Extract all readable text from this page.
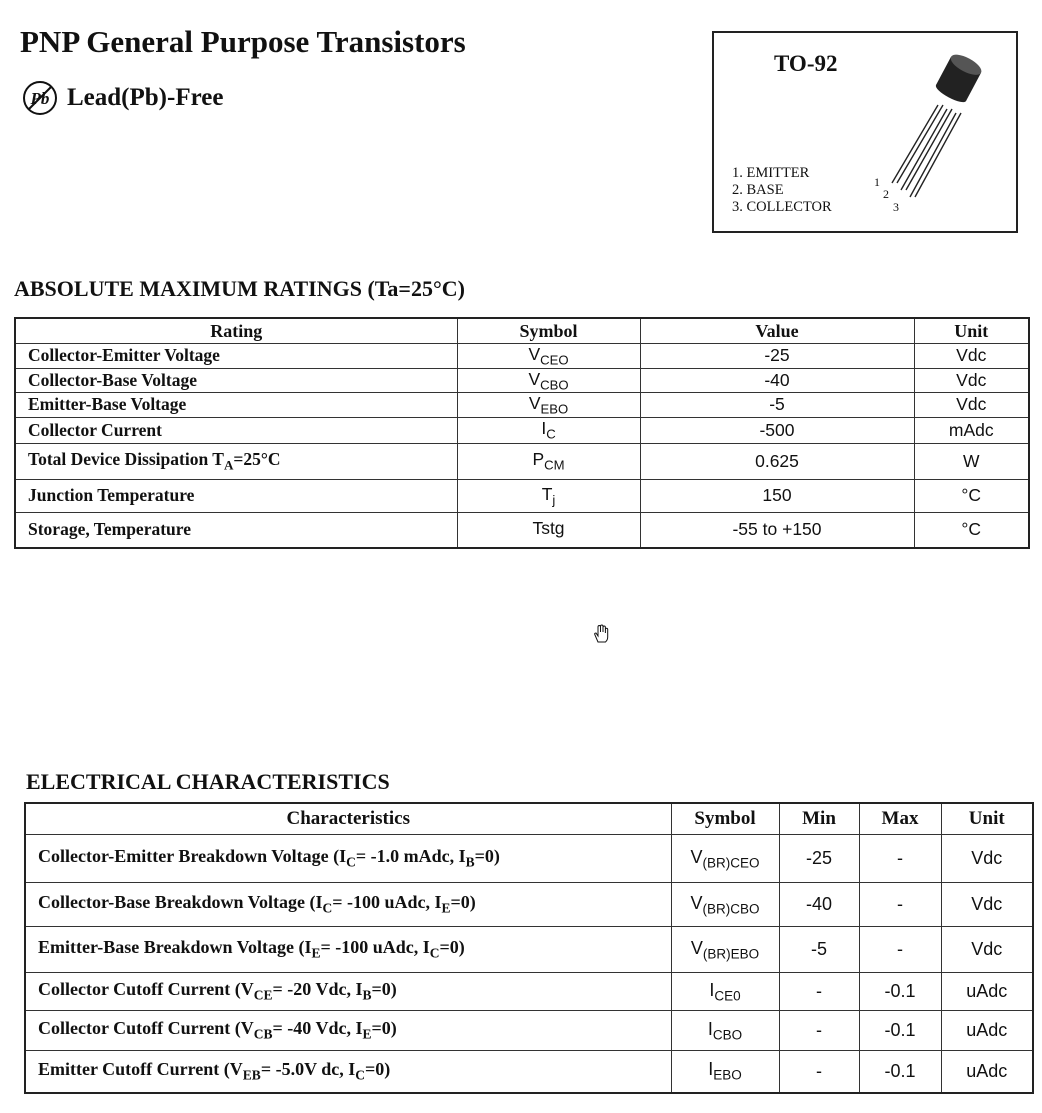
PNP General Purpose Transistors
Pb Lead(Pb)-Free
TO-92
1. EMITTER
2. BASE
3. COLLECTOR
1
2
3
ABSOLUTE MAXIMUM RATINGS (Ta=25°C)
Rating	Symbol	Value	Unit
Collector-Emitter Voltage	$V_{CEO}$	-25	Vdc
Collector-Base Voltage	$V_{CBO}$	-40	Vdc
Emitter-Base Voltage	$V_{EBO}$	-5	Vdc
Collector Current	$I_C$	-500	mAdc
Total Device Dissipation $T_A=25^\circ C$	$P_{CM}$	0.625	W
Junction Temperature	$T_j$	150	°C
Storage, Temperature	Tstg	-55 to +150	°C
ELECTRICAL CHARACTERISTICS
Characteristics	Symbol	Min	Max	Unit
Collector-Emitter Breakdown Voltage ($I_C= -1.0$ mAdc, $I_B=0$)	$V_{(BR)CEO}$	-25	-	Vdc
Collector-Base Breakdown Voltage ($I_C= -100$ uAdc, $I_E=0$)	$V_{(BR)CBO}$	-40	-	Vdc
Emitter-Base Breakdown Voltage ($I_E= -100$ uAdc, $I_C=0$)	$V_{(BR)EBO}$	-5	-	Vdc
Collector Cutoff Current ($V_{CE}= -20$ Vdc, $I_B=0$)	$I_{CE0}$	-	-0.1	uAdc
Collector Cutoff Current ($V_{CB}= -40$ Vdc, $I_E=0$)	$I_{CBO}$	-	-0.1	uAdc
Emitter Cutoff Current ($V_{EB}= -5.0V$ dc, $I_C=0$)	$I_{EBO}$	-	-0.1	uAdc
